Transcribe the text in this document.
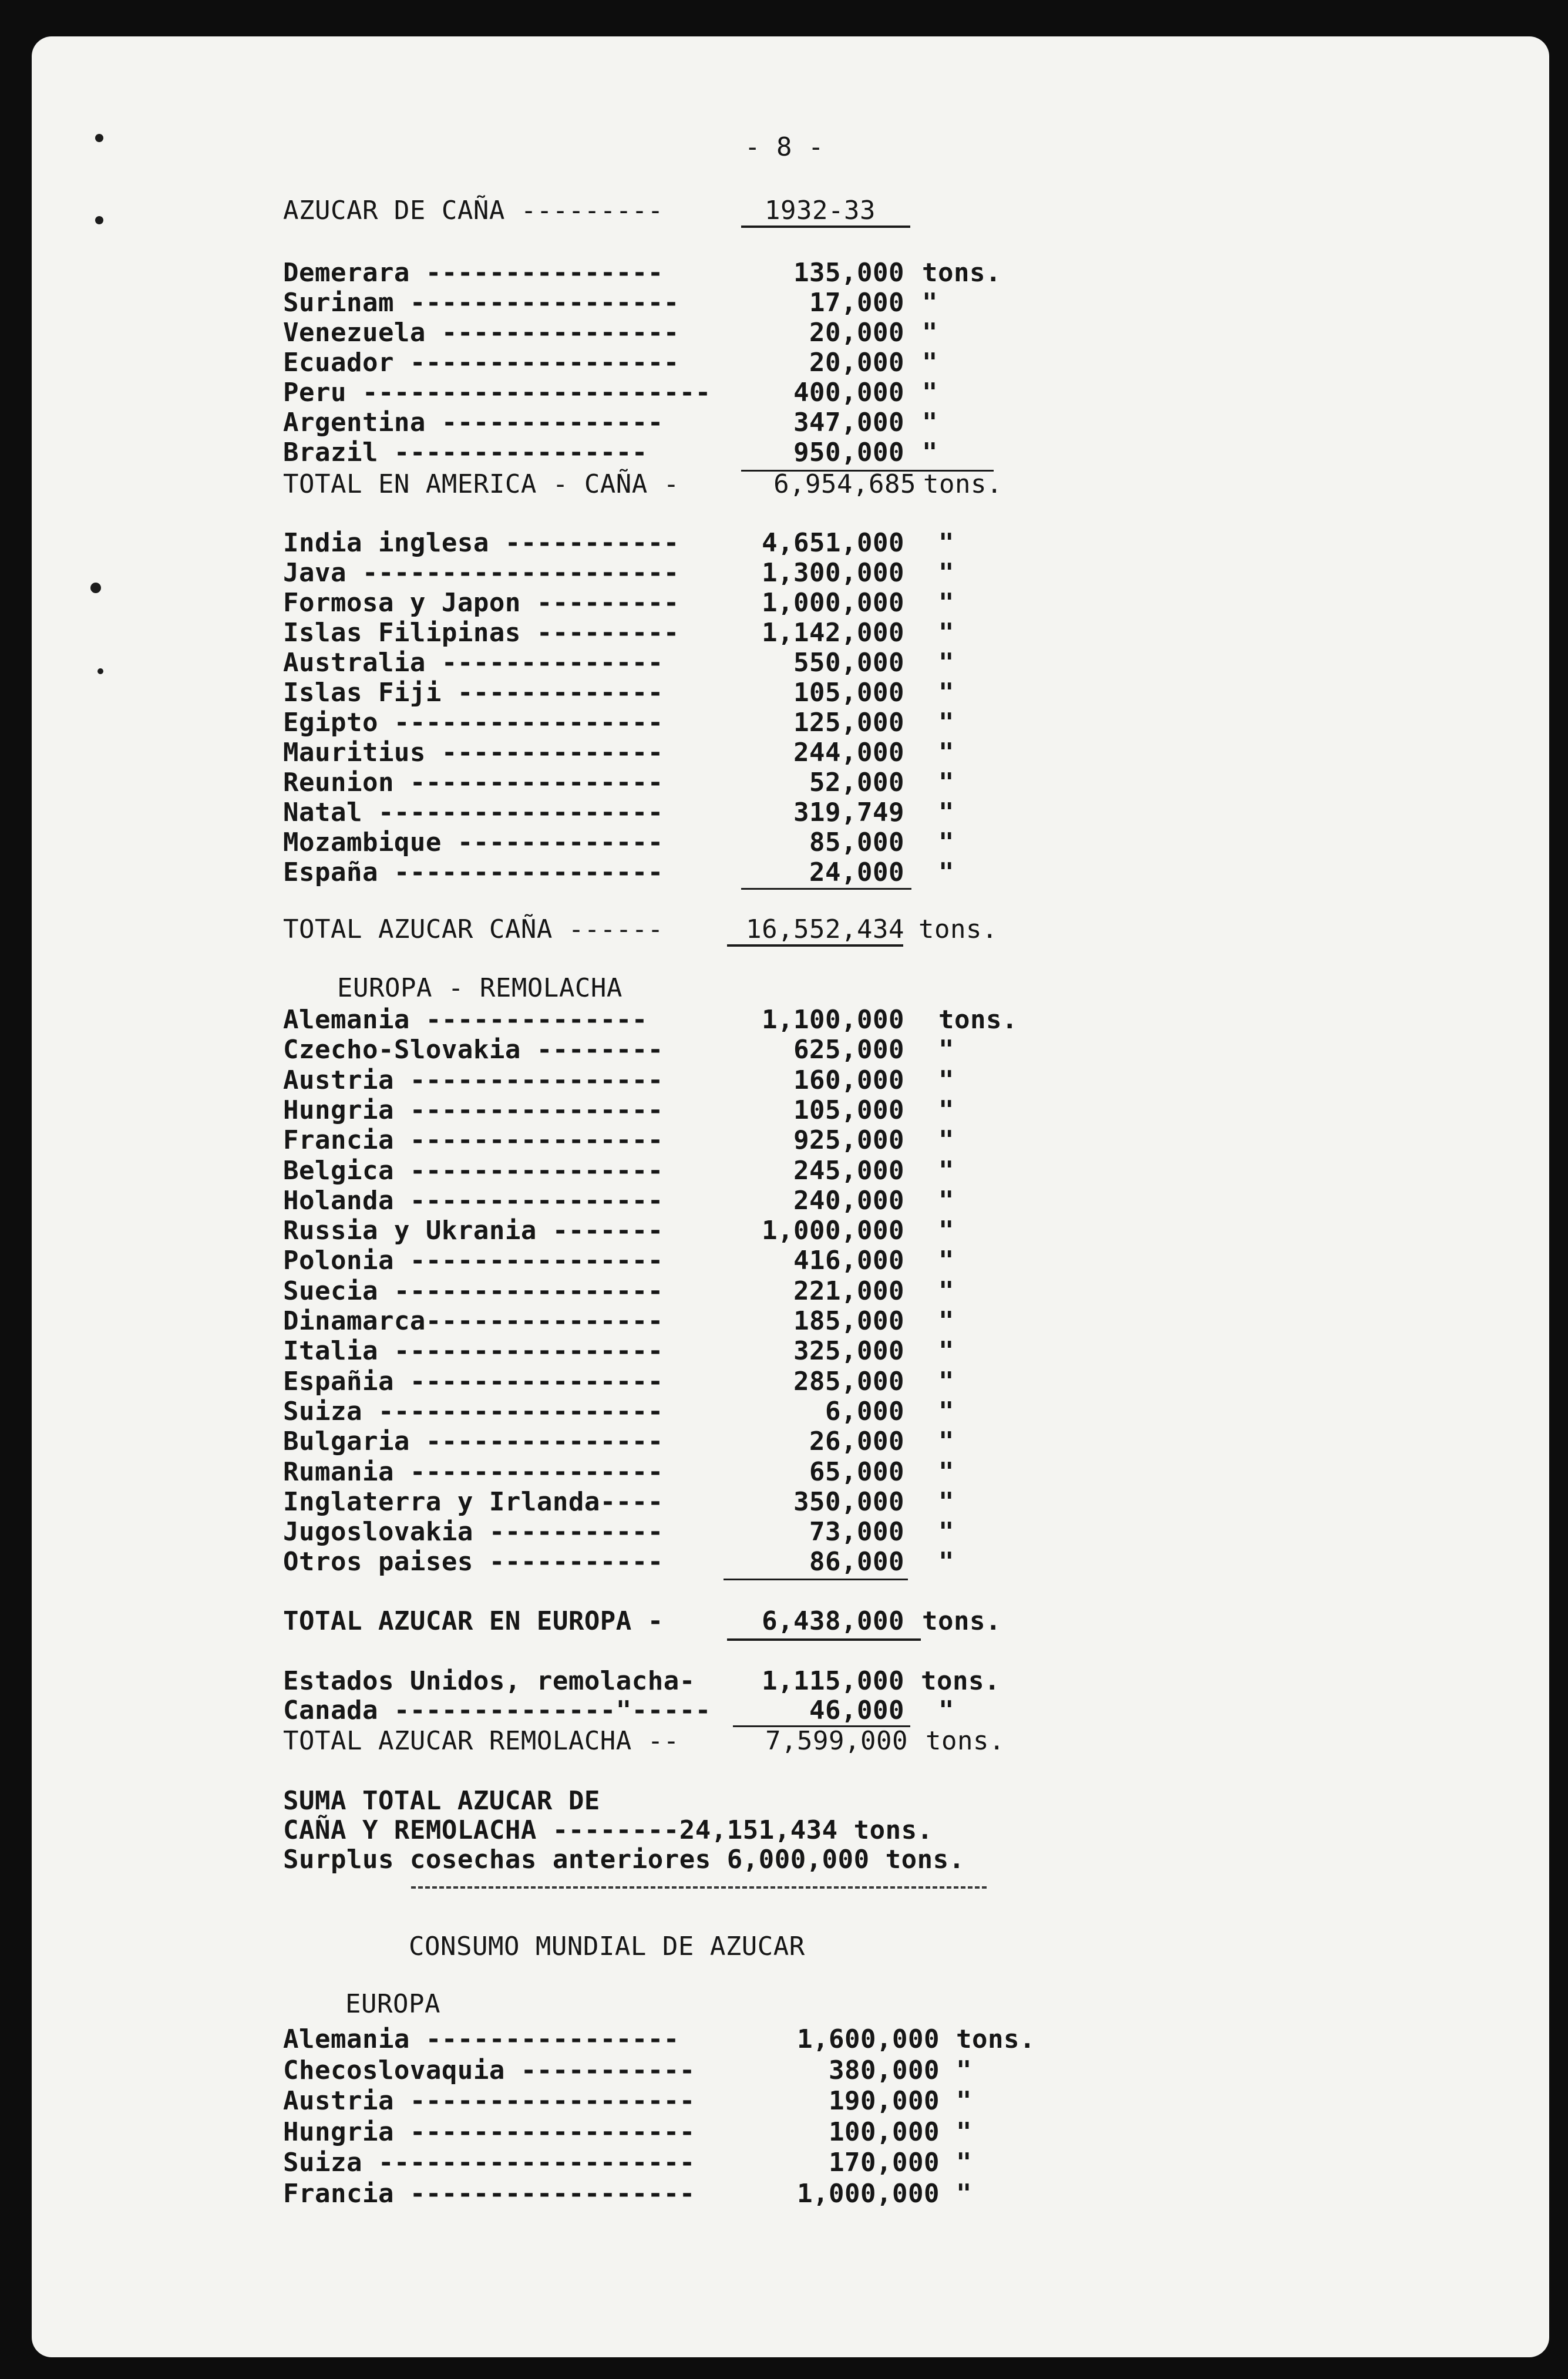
- 8 -
AZUCAR DE CAÑA ---------	1932-33
Demerara ---------------	135,000 tons.
Surinam -----------------	17,000 "
Venezuela ---------------	20,000 "
Ecuador -----------------	20,000 "
Peru ----------------------	400,000 "
Argentina --------------	347,000 "
Brazil ----------------	950,000 "
TOTAL EN AMERICA - CAÑA -	6,954,685 tons.
India inglesa -----------	4,651,000 "
Java --------------------	1,300,000 "
Formosa y Japon ---------	1,000,000 "
Islas Filipinas ---------	1,142,000 "
Australia --------------	550,000 "
Islas Fiji -------------	105,000 "
Egipto -----------------	125,000 "
Mauritius --------------	244,000 "
Reunion ----------------	52,000 "
Natal ------------------	319,749 "
Mozambique -------------	85,000 "
España -----------------	24,000 "
TOTAL AZUCAR CAÑA ------	16,552,434 tons.
EUROPA - REMOLACHA
Alemania --------------	1,100,000 tons.
Czecho-Slovakia --------	625,000 "
Austria ----------------	160,000 "
Hungria ----------------	105,000 "
Francia ----------------	925,000 "
Belgica ----------------	245,000 "
Holanda ----------------	240,000 "
Russia y Ukrania -------	1,000,000 "
Polonia ----------------	416,000 "
Suecia -----------------	221,000 "
Dinamarca---------------	185,000 "
Italia -----------------	325,000 "
Españia ----------------	285,000 "
Suiza ------------------	6,000 "
Bulgaria ---------------	26,000 "
Rumania ----------------	65,000 "
Inglaterra y Irlanda----	350,000 "
Jugoslovakia -----------	73,000 "
Otros paises -----------	86,000 "
TOTAL AZUCAR EN EUROPA -	6,438,000 tons.
Estados Unidos, remolacha-	1,115,000 tons.
Canada --------------"-----	46,000 "
TOTAL AZUCAR REMOLACHA --	7,599,000 tons.
SUMA TOTAL AZUCAR DE
CAÑA Y REMOLACHA --------24,151,434 tons.
Surplus cosechas anteriores 6,000,000 tons.
CONSUMO MUNDIAL DE AZUCAR
EUROPA
Alemania ----------------	1,600,000 tons.
Checoslovaquia -----------	380,000 "
Austria ------------------	190,000 "
Hungria ------------------	100,000 "
Suiza --------------------	170,000 "
Francia ------------------	1,000,000 "
